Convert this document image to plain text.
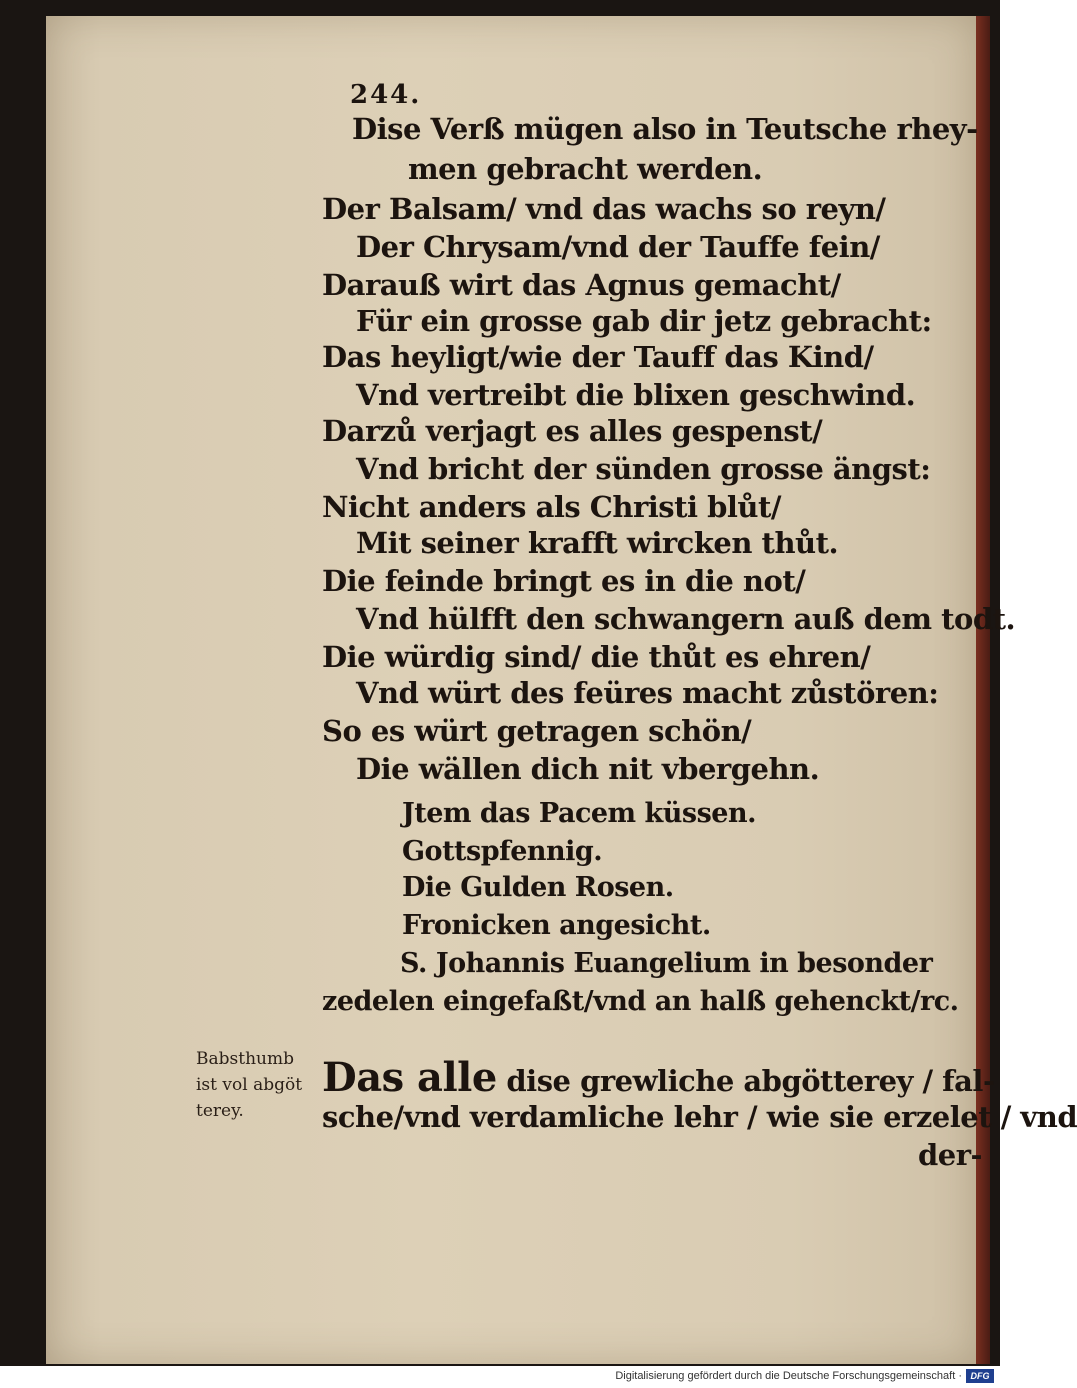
244.
Dise Verß mügen also in Teutsche rhey‑
men gebracht werden.
Der Balsam/ vnd das wachs so reyn/
Der Chrysam/vnd der Tauffe fein/
Darauß wirt das Agnus gemacht/
Für ein grosse gab dir jetz gebracht:
Das heyligt/wie der Tauff das Kind/
Vnd vertreibt die blixen geschwind.
Darzů verjagt es alles gespenst/
Vnd bricht der sünden grosse ängst:
Nicht anders als Christi blůt/
Mit seiner krafft wircken thůt.
Die feinde bringt es in die not/
Vnd hülfft den schwangern auß dem todt.
Die würdig sind/ die thůt es ehren/
Vnd würt des feüres macht zůstören:
So es würt getragen schön/
Die wällen dich nit vbergehn.
Jtem das Pacem küssen.
Gottspfennig.
Die Gulden Rosen.
Fronicken angesicht.
S. Johannis Euangelium in besonder
zedelen eingefaßt/vnd an halß gehenckt/rc.
Babsthumb
ist vol abgöt
terey.
Das alle dise grewliche abgötterey / fal‑
sche/vnd verdamliche lehr / wie sie erzelet / vnd
der‑
Digitalisierung gefördert durch die Deutsche Forschungsgemeinschaft · DFG
